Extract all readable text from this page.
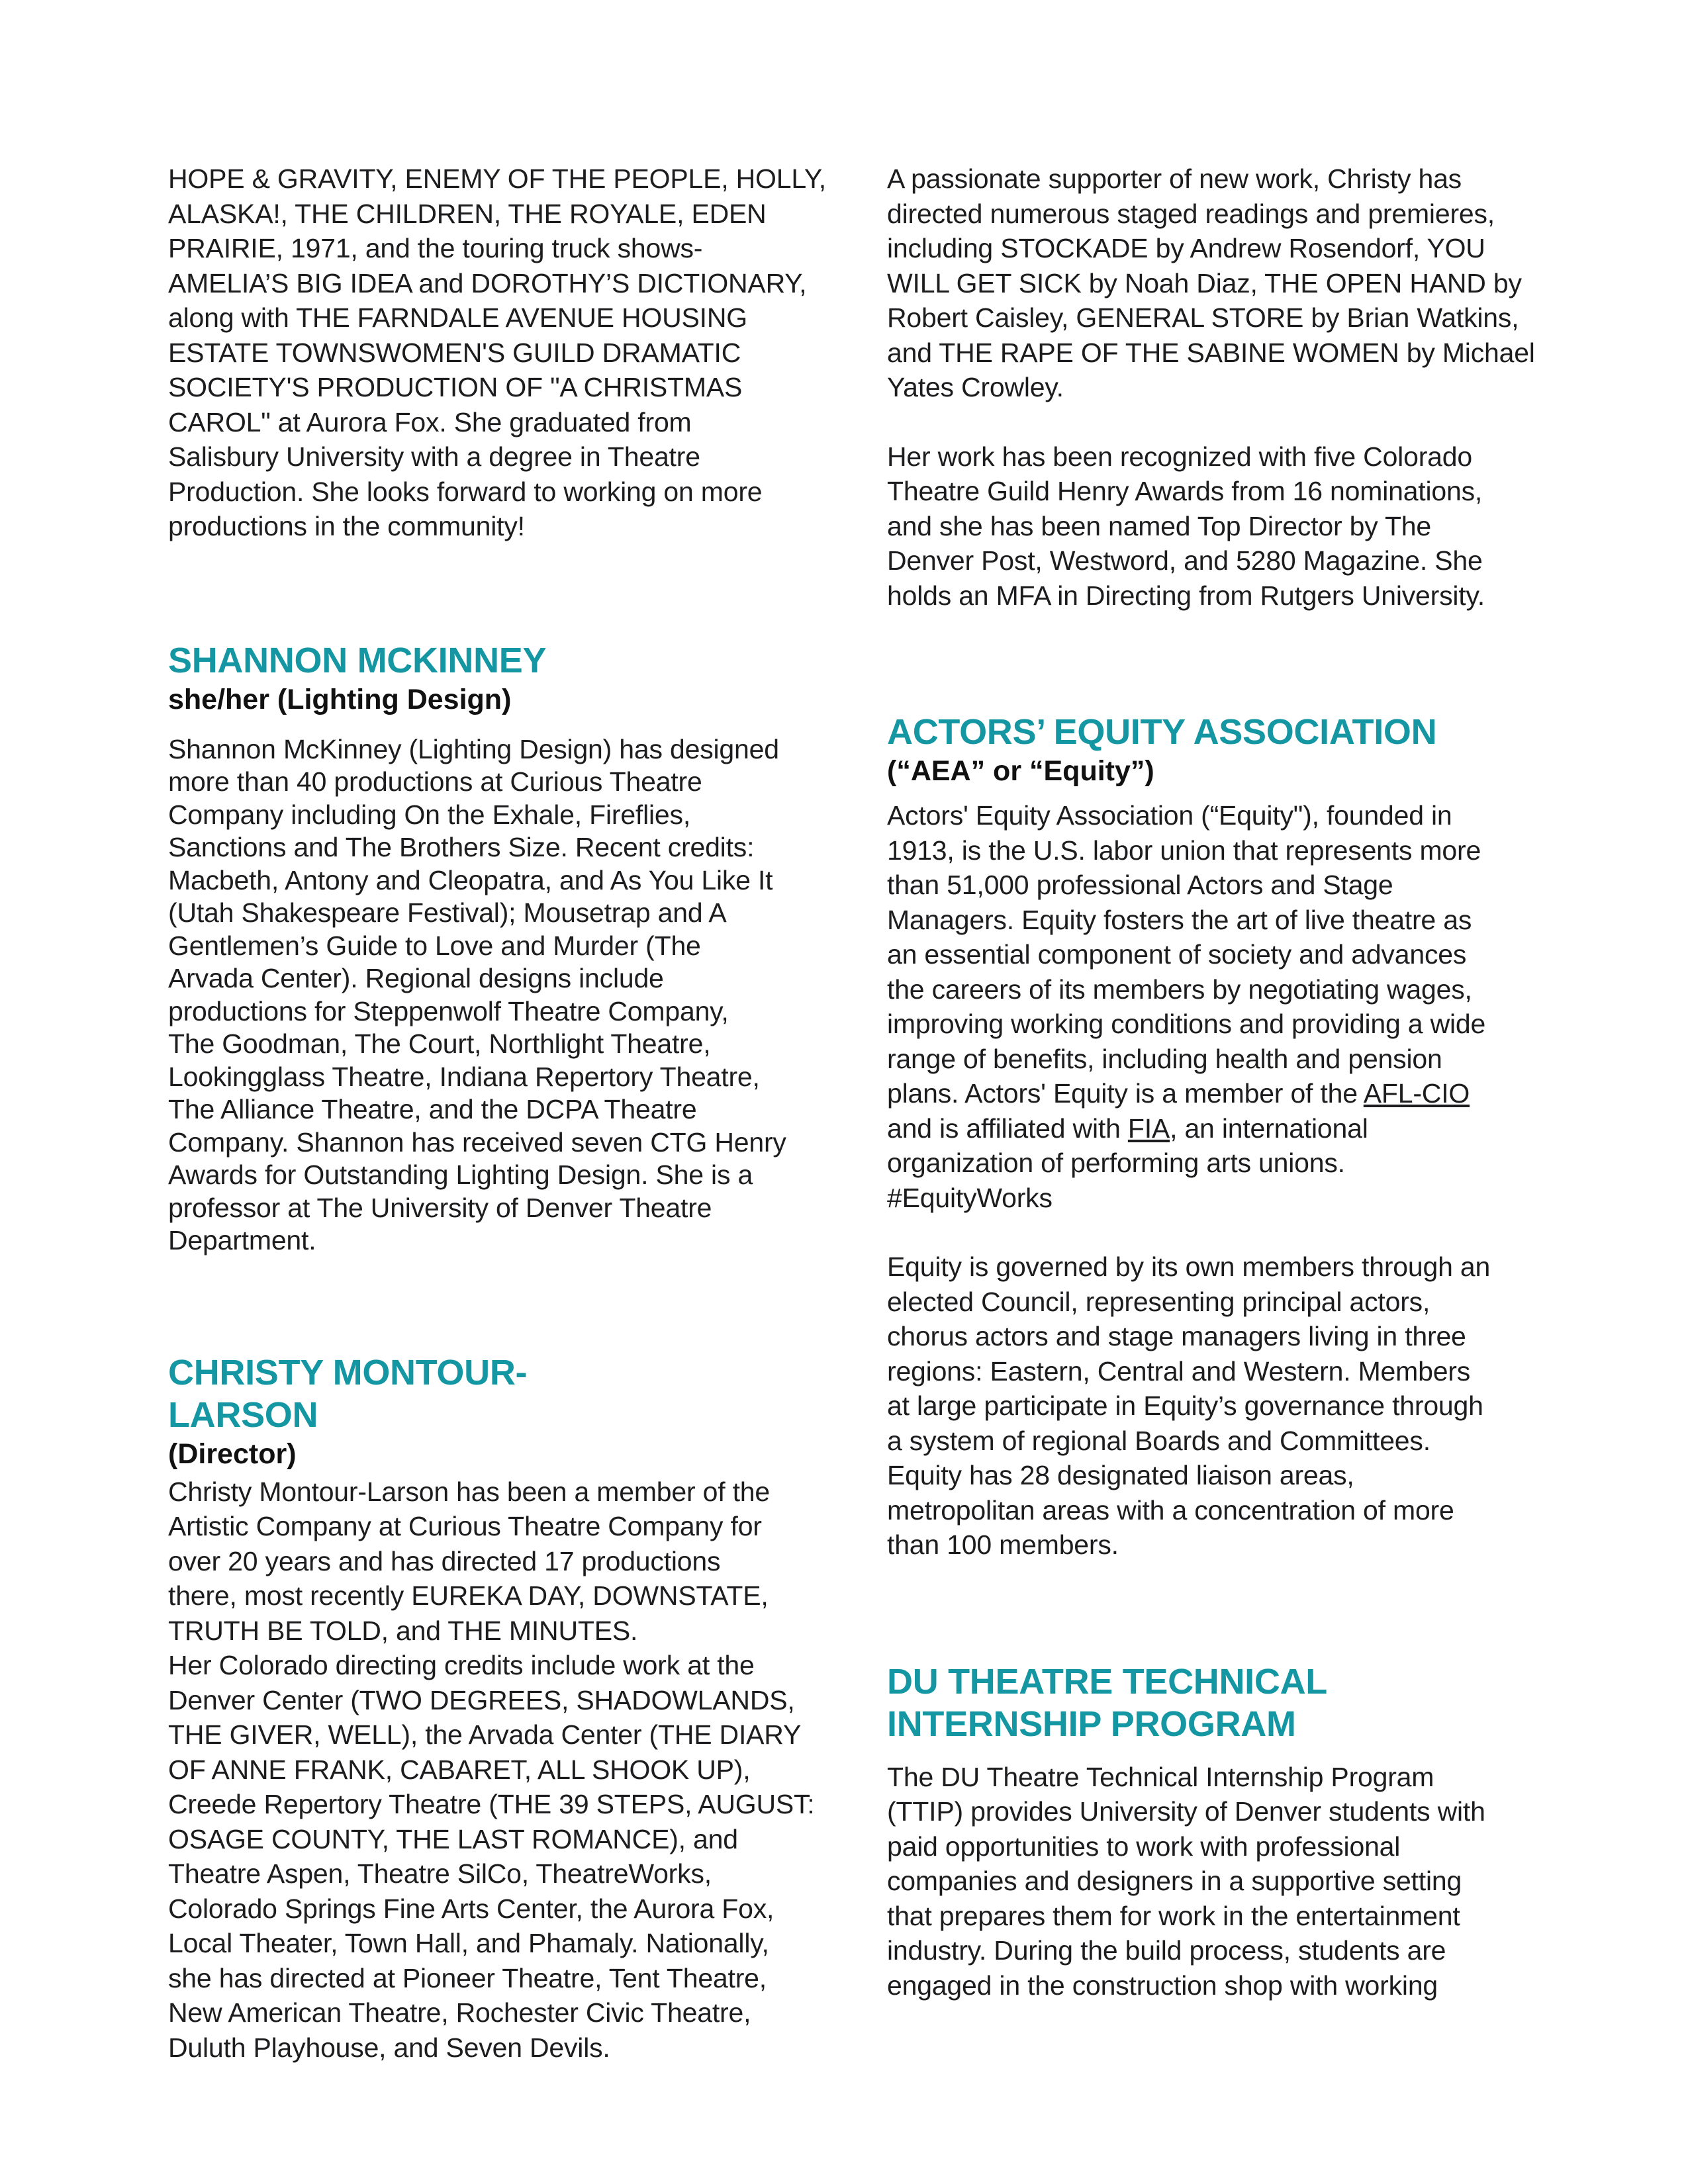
HOPE & GRAVITY, ENEMY OF THE PEOPLE, HOLLY,
ALASKA!, THE CHILDREN, THE ROYALE, EDEN
PRAIRIE, 1971, and the touring truck shows-
AMELIA’S BIG IDEA and DOROTHY’S DICTIONARY,
along with THE FARNDALE AVENUE HOUSING
ESTATE TOWNSWOMEN'S GUILD DRAMATIC
SOCIETY'S PRODUCTION OF "A CHRISTMAS
CAROL" at Aurora Fox. She graduated from
Salisbury University with a degree in Theatre
Production. She looks forward to working on more
productions in the community!

SHANNON MCKINNEY

she/her (Lighting Design)

Shannon McKinney (Lighting Design) has designed
more than 40 productions at Curious Theatre
Company including On the Exhale, Fireflies,
Sanctions and The Brothers Size. Recent credits:
Macbeth, Antony and Cleopatra, and As You Like It
(Utah Shakespeare Festival); Mousetrap and A
Gentlemen’s Guide to Love and Murder (The
Arvada Center). Regional designs include
productions for Steppenwolf Theatre Company,
The Goodman, The Court, Northlight Theatre,
Lookingglass Theatre, Indiana Repertory Theatre,
The Alliance Theatre, and the DCPA Theatre
Company. Shannon has received seven CTG Henry
Awards for Outstanding Lighting Design. She is a
professor at The University of Denver Theatre
Department.

CHRISTY MONTOUR-
LARSON

(Director)

Christy Montour-Larson has been a member of the
Artistic Company at Curious Theatre Company for
over 20 years and has directed 17 productions
there, most recently EUREKA DAY, DOWNSTATE,
TRUTH BE TOLD, and THE MINUTES.
Her Colorado directing credits include work at the
Denver Center (TWO DEGREES, SHADOWLANDS,
THE GIVER, WELL), the Arvada Center (THE DIARY
OF ANNE FRANK, CABARET, ALL SHOOK UP),
Creede Repertory Theatre (THE 39 STEPS, AUGUST:
OSAGE COUNTY, THE LAST ROMANCE), and
Theatre Aspen, Theatre SilCo, TheatreWorks,
Colorado Springs Fine Arts Center, the Aurora Fox,
Local Theater, Town Hall, and Phamaly. Nationally,
she has directed at Pioneer Theatre, Tent Theatre,
New American Theatre, Rochester Civic Theatre,
Duluth Playhouse, and Seven Devils.

A passionate supporter of new work, Christy has
directed numerous staged readings and premieres,
including STOCKADE by Andrew Rosendorf, YOU
WILL GET SICK by Noah Diaz, THE OPEN HAND by
Robert Caisley, GENERAL STORE by Brian Watkins,
and THE RAPE OF THE SABINE WOMEN by Michael
Yates Crowley.

Her work has been recognized with five Colorado
Theatre Guild Henry Awards from 16 nominations,
and she has been named Top Director by The
Denver Post, Westword, and 5280 Magazine. She
holds an MFA in Directing from Rutgers University.

ACTORS’ EQUITY ASSOCIATION

(“AEA” or “Equity”)

Actors' Equity Association (“Equity"), founded in
1913, is the U.S. labor union that represents more
than 51,000 professional Actors and Stage
Managers. Equity fosters the art of live theatre as
an essential component of society and advances
the careers of its members by negotiating wages,
improving working conditions and providing a wide
range of benefits, including health and pension
plans. Actors' Equity is a member of the AFL-CIO
and is affiliated with FIA, an international
organization of performing arts unions.
#EquityWorks

Equity is governed by its own members through an
elected Council, representing principal actors,
chorus actors and stage managers living in three
regions: Eastern, Central and Western. Members
at large participate in Equity’s governance through
a system of regional Boards and Committees.
Equity has 28 designated liaison areas,
metropolitan areas with a concentration of more
than 100 members.

DU THEATRE TECHNICAL
INTERNSHIP PROGRAM

The DU Theatre Technical Internship Program
(TTIP) provides University of Denver students with
paid opportunities to work with professional
companies and designers in a supportive setting
that prepares them for work in the entertainment
industry. During the build process, students are
engaged in the construction shop with working
